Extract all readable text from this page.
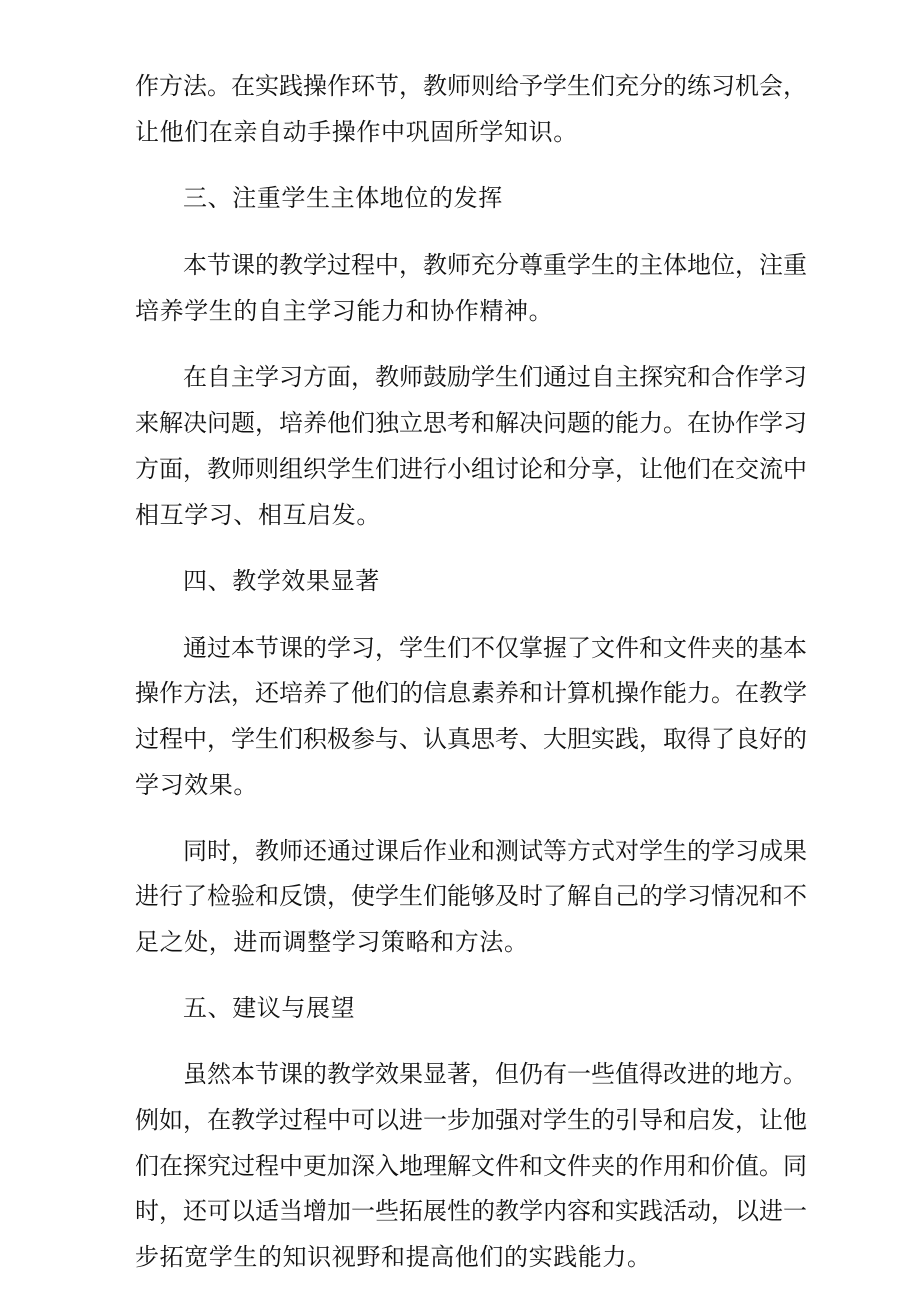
作方法。在实践操作环节，教师则给予学生们充分的练习机会，
让他们在亲自动手操作中巩固所学知识。
三、注重学生主体地位的发挥
本节课的教学过程中，教师充分尊重学生的主体地位，注重
培养学生的自主学习能力和协作精神。
在自主学习方面，教师鼓励学生们通过自主探究和合作学习
来解决问题，培养他们独立思考和解决问题的能力。在协作学习
方面，教师则组织学生们进行小组讨论和分享，让他们在交流中
相互学习、相互启发。
四、教学效果显著
通过本节课的学习，学生们不仅掌握了文件和文件夹的基本
操作方法，还培养了他们的信息素养和计算机操作能力。在教学
过程中，学生们积极参与、认真思考、大胆实践，取得了良好的
学习效果。
同时，教师还通过课后作业和测试等方式对学生的学习成果
进行了检验和反馈，使学生们能够及时了解自己的学习情况和不
足之处，进而调整学习策略和方法。
五、建议与展望
虽然本节课的教学效果显著，但仍有一些值得改进的地方。
例如，在教学过程中可以进一步加强对学生的引导和启发，让他
们在探究过程中更加深入地理解文件和文件夹的作用和价值。同
时，还可以适当增加一些拓展性的教学内容和实践活动，以进一
步拓宽学生的知识视野和提高他们的实践能力。
